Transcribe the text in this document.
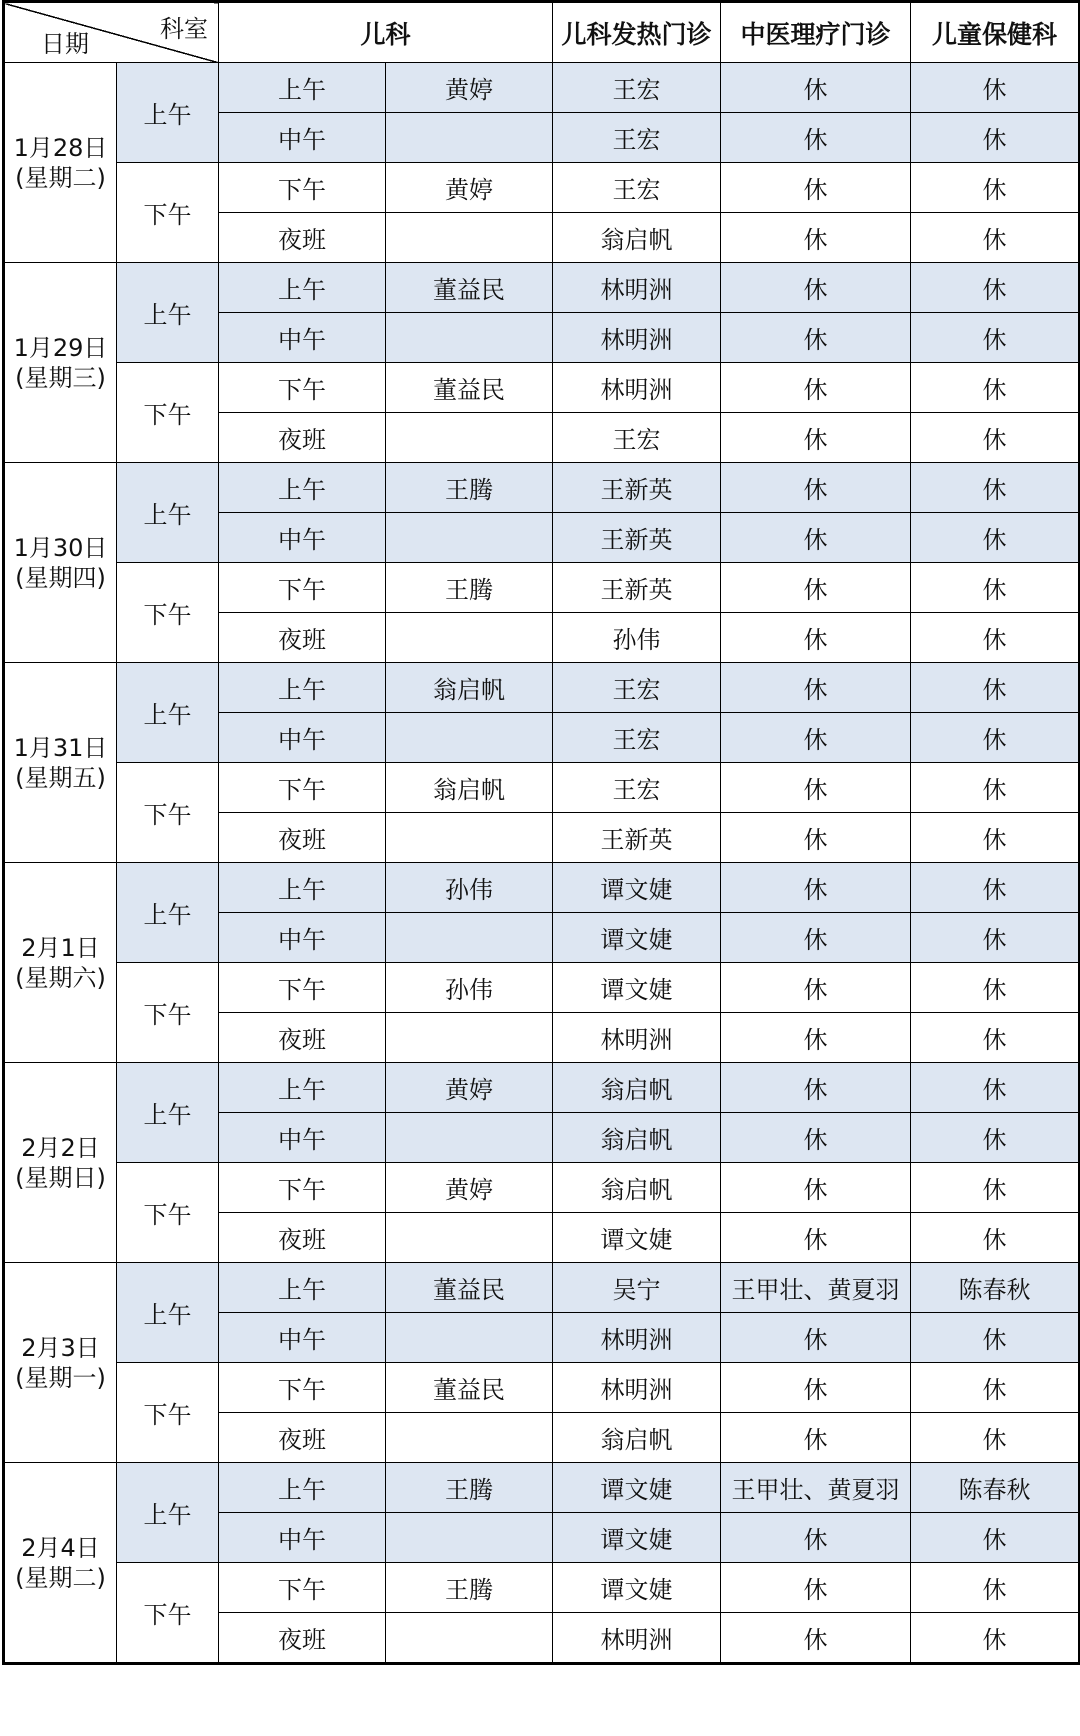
科室
日期		儿科		儿科发热门诊	中医理疗门诊	儿童保健科

1月28日
(星期二)	上午	上午	黄婷	王宏	休	休
		中午		王宏	休	休
	下午	下午	黄婷	王宏	休	休
		夜班		翁启帆	休	休

1月29日
(星期三)	上午	上午	董益民	林明洲	休	休
		中午		林明洲	休	休
	下午	下午	董益民	林明洲	休	休
		夜班		王宏	休	休

1月30日
(星期四)	上午	上午	王腾	王新英	休	休
		中午		王新英	休	休
	下午	下午	王腾	王新英	休	休
		夜班		孙伟	休	休

1月31日
(星期五)	上午	上午	翁启帆	王宏	休	休
		中午		王宏	休	休
	下午	下午	翁启帆	王宏	休	休
		夜班		王新英	休	休

2月1日
(星期六)	上午	上午	孙伟	谭文婕	休	休
		中午		谭文婕	休	休
	下午	下午	孙伟	谭文婕	休	休
		夜班		林明洲	休	休

2月2日
(星期日)	上午	上午	黄婷	翁启帆	休	休
		中午		翁启帆	休	休
	下午	下午	黄婷	翁启帆	休	休
		夜班		谭文婕	休	休

2月3日
(星期一)	上午	上午	董益民	吴宁	王甲壮、黄夏羽	陈春秋
		中午		林明洲	休	休
	下午	下午	董益民	林明洲	休	休
		夜班		翁启帆	休	休

2月4日
(星期二)	上午	上午	王腾	谭文婕	王甲壮、黄夏羽	陈春秋
		中午		谭文婕	休	休
	下午	下午	王腾	谭文婕	休	休
		夜班		林明洲	休	休
